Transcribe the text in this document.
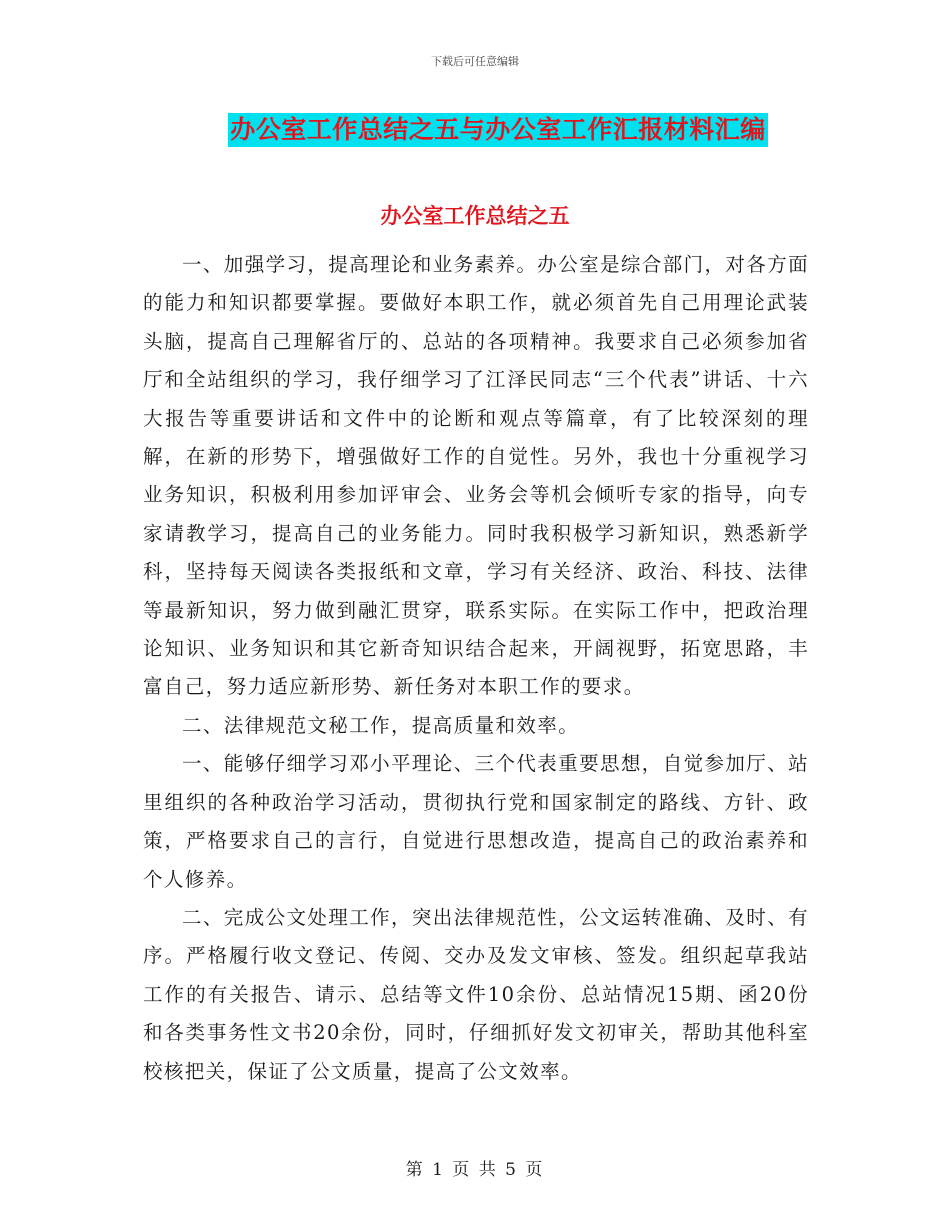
下载后可任意编辑
办公室工作总结之五与办公室工作汇报材料汇编
办公室工作总结之五

一、加强学习，提高理论和业务素养。办公室是综合部门，对各方面的能力和知识都要掌握。要做好本职工作，就必须首先自己用理论武装头脑，提高自己理解省厅的、总站的各项精神。我要求自己必须参加省厅和全站组织的学习，我仔细学习了江泽民同志“三个代表”讲话、十六大报告等重要讲话和文件中的论断和观点等篇章，有了比较深刻的理解，在新的形势下，增强做好工作的自觉性。另外，我也十分重视学习业务知识，积极利用参加评审会、业务会等机会倾听专家的指导，向专家请教学习，提高自己的业务能力。同时我积极学习新知识，熟悉新学科，坚持每天阅读各类报纸和文章，学习有关经济、政治、科技、法律等最新知识，努力做到融汇贯穿，联系实际。在实际工作中，把政治理论知识、业务知识和其它新奇知识结合起来，开阔视野，拓宽思路，丰富自己，努力适应新形势、新任务对本职工作的要求。

二、法律规范文秘工作，提高质量和效率。

一、能够仔细学习邓小平理论、三个代表重要思想，自觉参加厅、站里组织的各种政治学习活动，贯彻执行党和国家制定的路线、方针、政策，严格要求自己的言行，自觉进行思想改造，提高自己的政治素养和个人修养。

二、完成公文处理工作，突出法律规范性，公文运转准确、及时、有序。严格履行收文登记、传阅、交办及发文审核、签发。组织起草我站工作的有关报告、请示、总结等文件10余份、总站情况15期、函20份和各类事务性文书20余份，同时，仔细抓好发文初审关，帮助其他科室校核把关，保证了公文质量，提高了公文效率。

第 1 页 共 5 页
